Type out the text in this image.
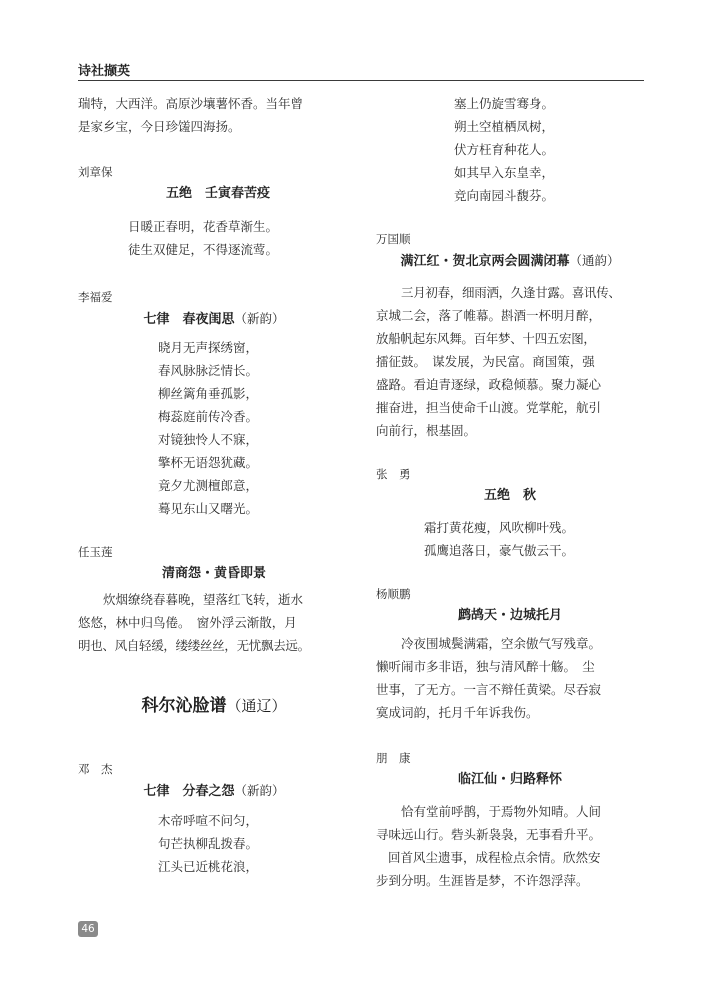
诗社撷英

瑞特，大西洋。高原沙壤薯怀香。当年曾

是家乡宝，今日珍馐四海扬。

刘章保

五绝　壬寅春苦疫

日暖正春明，花香草渐生。

徒生双健足，不得逐流莺。

李福爱

七律　春夜闺思（新韵）

晓月无声探绣窗，

春风脉脉泛情长。

柳丝篱角垂孤影，

梅蕊庭前传冷香。

对镜独怜人不寐，

擎杯无语怨犹藏。

竟夕尤测檀郎意，

蓦见东山又曙光。

任玉莲

清商怨・黄昏即景

炊烟缭绕春暮晚，望落红飞转，逝水

悠悠，林中归鸟倦。　窗外浮云渐散，月

明也、风自轻缓，缕缕丝丝，无忧飘去远。

科尔沁脸谱（通辽）

邓　杰

七律　分春之怨（新韵）

木帝呼喧不问匀，

句芒执柳乱拨春。

江头已近桃花浪，

塞上仍旋雪骞身。

朔土空植栖凤树，

伏方枉育种花人。

如其早入东皇幸，

竞向南园斗馥芬。

万国顺

满江红・贺北京两会圆满闭幕（通韵）

三月初春，细雨洒，久逢甘露。喜讯传、

京城二会，落了帷幕。斟酒一杯明月醉，

放船帆起东风舞。百年梦、十四五宏图，

擂征鼓。　谋发展，为民富。商国策，强

盛路。看迫青逐绿，政稳倾慕。聚力凝心

摧奋进，担当使命千山渡。党掌舵，航引

向前行，根基固。

张　勇

五绝　秋

霜打黄花瘦，风吹柳叶残。

孤鹰追落日，豪气傲云干。

杨顺鹏

鹧鸪天・边城托月

冷夜围城鬓满霜，空余傲气写残章。

懒听闹市多非语，独与清风醉十觞。　尘

世事，了无方。一言不辩任黄梁。尽吞寂

寞成词韵，托月千年诉我伤。

朋　康

临江仙・归路释怀

恰有堂前呼鹊，于焉物外知晴。人间

寻味远山行。砦头新袅袅，无事看升平。

回首风尘遗事，成程检点余情。欣然安

步到分明。生涯皆是梦，不许怨浮萍。

46
